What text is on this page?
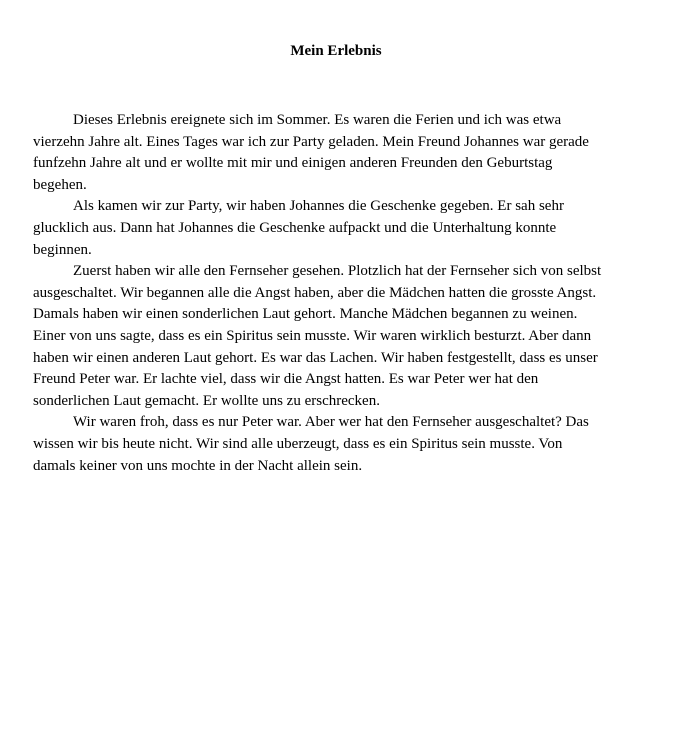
Mein Erlebnis

Dieses Erlebnis ereignete sich im Sommer. Es waren die Ferien und ich was etwa
vierzehn Jahre alt. Eines Tages war ich zur Party geladen. Mein Freund Johannes war gerade
funfzehn Jahre alt und er wollte mit mir und einigen anderen Freunden den Geburtstag
begehen.

Als kamen wir zur Party, wir haben Johannes die Geschenke gegeben. Er sah sehr
glucklich aus. Dann hat Johannes die Geschenke aufpackt und die Unterhaltung konnte
beginnen.

Zuerst haben wir alle den Fernseher gesehen. Plotzlich hat der Fernseher sich von selbst
ausgeschaltet. Wir begannen alle die Angst haben, aber die Mädchen hatten die grosste Angst.
Damals haben wir einen sonderlichen Laut gehort. Manche Mädchen begannen zu weinen.
Einer von uns sagte, dass es ein Spiritus sein musste. Wir waren wirklich besturzt. Aber dann
haben wir einen anderen Laut gehort. Es war das Lachen. Wir haben festgestellt, dass es unser
Freund Peter war. Er lachte viel, dass wir die Angst hatten. Es war Peter wer hat den
sonderlichen Laut gemacht. Er wollte uns zu erschrecken.

Wir waren froh, dass es nur Peter war. Aber wer hat den Fernseher ausgeschaltet? Das
wissen wir bis heute nicht. Wir sind alle uberzeugt, dass es ein Spiritus sein musste. Von
damals keiner von uns mochte in der Nacht allein sein.
